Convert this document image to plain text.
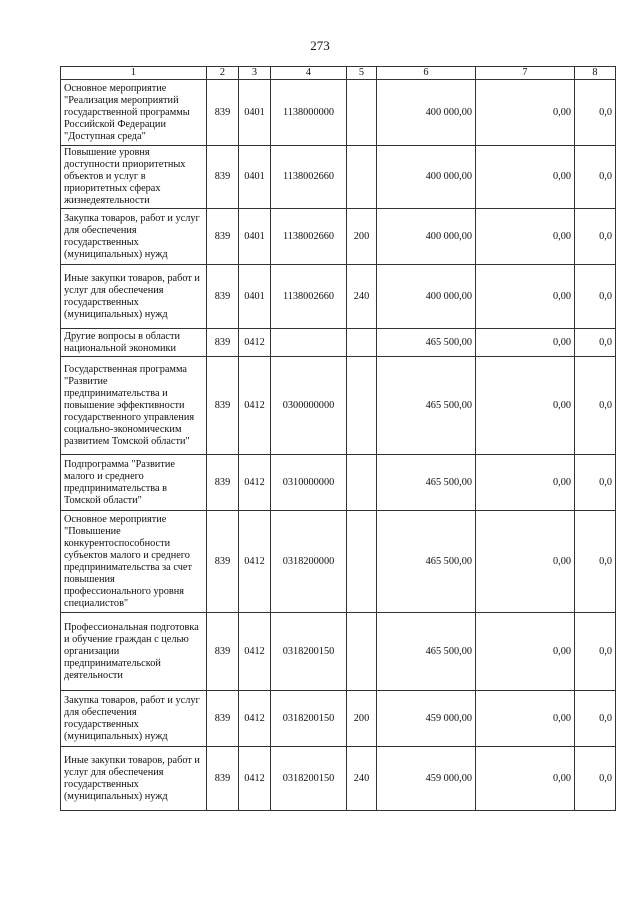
273
1	2	3	4	5	6	7	8
Основное мероприятие "Реализация мероприятий государственной программы Российской Федерации "Доступная среда"	839	0401	1138000000		400 000,00	0,00	0,0
Повышение уровня доступности приоритетных объектов и услуг в приоритетных сферах жизнедеятельности	839	0401	1138002660		400 000,00	0,00	0,0
Закупка товаров, работ и услуг для обеспечения государственных (муниципальных) нужд	839	0401	1138002660	200	400 000,00	0,00	0,0
Иные закупки товаров, работ и услуг для обеспечения государственных (муниципальных) нужд	839	0401	1138002660	240	400 000,00	0,00	0,0
Другие вопросы в области национальной экономики	839	0412			465 500,00	0,00	0,0
Государственная программа "Развитие предпринимательства и повышение эффективности государственного управления социально-экономическим развитием Томской области"	839	0412	0300000000		465 500,00	0,00	0,0
Подпрограмма "Развитие малого и среднего предпринимательства в Томской области"	839	0412	0310000000		465 500,00	0,00	0,0
Основное мероприятие "Повышение конкурентоспособности субъектов малого и среднего предпринимательства за счет повышения профессионального уровня специалистов"	839	0412	0318200000		465 500,00	0,00	0,0
Профессиональная подготовка и обучение граждан с целью организации предпринимательской деятельности	839	0412	0318200150		465 500,00	0,00	0,0
Закупка товаров, работ и услуг для обеспечения государственных (муниципальных) нужд	839	0412	0318200150	200	459 000,00	0,00	0,0
Иные закупки товаров, работ и услуг для обеспечения государственных (муниципальных) нужд	839	0412	0318200150	240	459 000,00	0,00	0,0
